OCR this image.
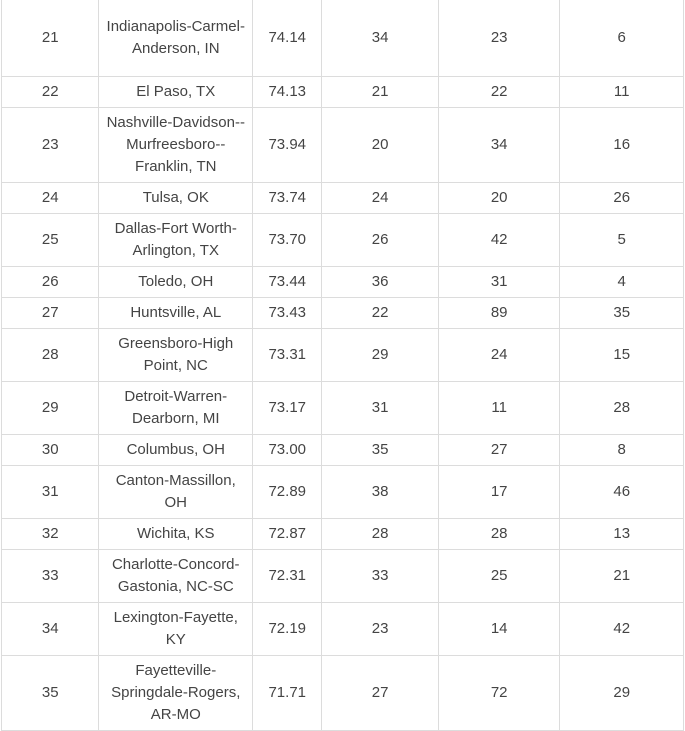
21	Indianapolis-Carmel-Anderson, IN	74.14	34	23	6
22	El Paso, TX	74.13	21	22	11
23	Nashville-Davidson--Murfreesboro--Franklin, TN	73.94	20	34	16
24	Tulsa, OK	73.74	24	20	26
25	Dallas-Fort Worth-Arlington, TX	73.70	26	42	5
26	Toledo, OH	73.44	36	31	4
27	Huntsville, AL	73.43	22	89	35
28	Greensboro-High Point, NC	73.31	29	24	15
29	Detroit-Warren-Dearborn, MI	73.17	31	11	28
30	Columbus, OH	73.00	35	27	8
31	Canton-Massillon, OH	72.89	38	17	46
32	Wichita, KS	72.87	28	28	13
33	Charlotte-Concord-Gastonia, NC-SC	72.31	33	25	21
34	Lexington-Fayette, KY	72.19	23	14	42
35	Fayetteville-Springdale-Rogers, AR-MO	71.71	27	72	29
